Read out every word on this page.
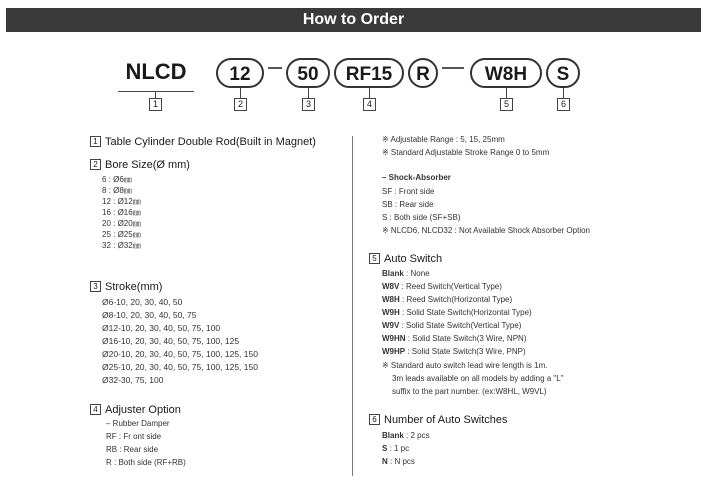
How to Order
NLCD	12	50	RF15	R	W8H	S
1	2	3	4	5	6
1 Table Cylinder Double Rod(Built in Magnet)
2 Bore Size(Ø mm)
6 : Ø6㎜
8 : Ø8㎜
12 : Ø12㎜
16 : Ø16㎜
20 : Ø20㎜
25 : Ø25㎜
32 : Ø32㎜
3 Stroke(mm)
Ø6-10, 20, 30, 40, 50
Ø8-10, 20, 30, 40, 50, 75
Ø12-10, 20, 30, 40, 50, 75, 100
Ø16-10, 20, 30, 40, 50, 75, 100, 125
Ø20-10, 20, 30, 40, 50, 75, 100, 125, 150
Ø25-10, 20, 30, 40, 50, 75, 100, 125, 150
Ø32-30, 75, 100
4 Adjuster Option
– Rubber Damper
RF : Fr ont side
RB : Rear side
R : Both side (RF+RB)
※ Adjustable Range : 5, 15, 25mm
※ Standard Adjustable Stroke Range 0 to 5mm
– Shock-Absorber
SF : Front side
SB : Rear side
S : Both side (SF+SB)
※ NLCD6, NLCD32 : Not Available Shock Absorber Option
5 Auto Switch
Blank : None
W8V : Reed Switch(Vertical Type)
W8H : Reed Switch(Horizontal Type)
W9H : Solid State Switch(Horizontal Type)
W9V : Solid State Switch(Vertical Type)
W9HN : Solid State Switch(3 Wire, NPN)
W9HP : Solid State Switch(3 Wire, PNP)
※ Standard auto switch lead wire length is 1m.
3m leads available on all models by adding a "L"
suffix to the part number. (ex:W8HL, W9VL)
6 Number of Auto Switches
Blank : 2 pcs
S : 1 pc
N : N pcs
